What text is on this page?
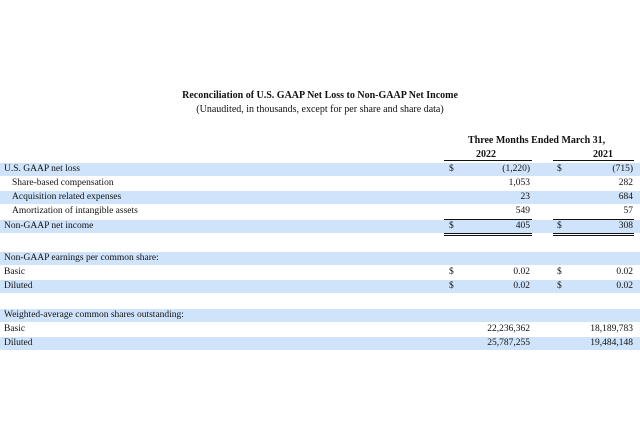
Reconciliation of U.S. GAAP Net Loss to Non-GAAP Net Income
(Unaudited, in thousands, except for per share and share data)
Three Months Ended March 31,
2022	2021
U.S. GAAP net loss	$	(1,220)	$	(715)
Share-based compensation	1,053	282
Acquisition related expenses	23	684
Amortization of intangible assets	549	57
Non-GAAP net income	$	405	$	308
Non-GAAP earnings per common share:
Basic	$	0.02	$	0.02
Diluted	$	0.02	$	0.02
Weighted-average common shares outstanding:
Basic	22,236,362	18,189,783
Diluted	25,787,255	19,484,148
